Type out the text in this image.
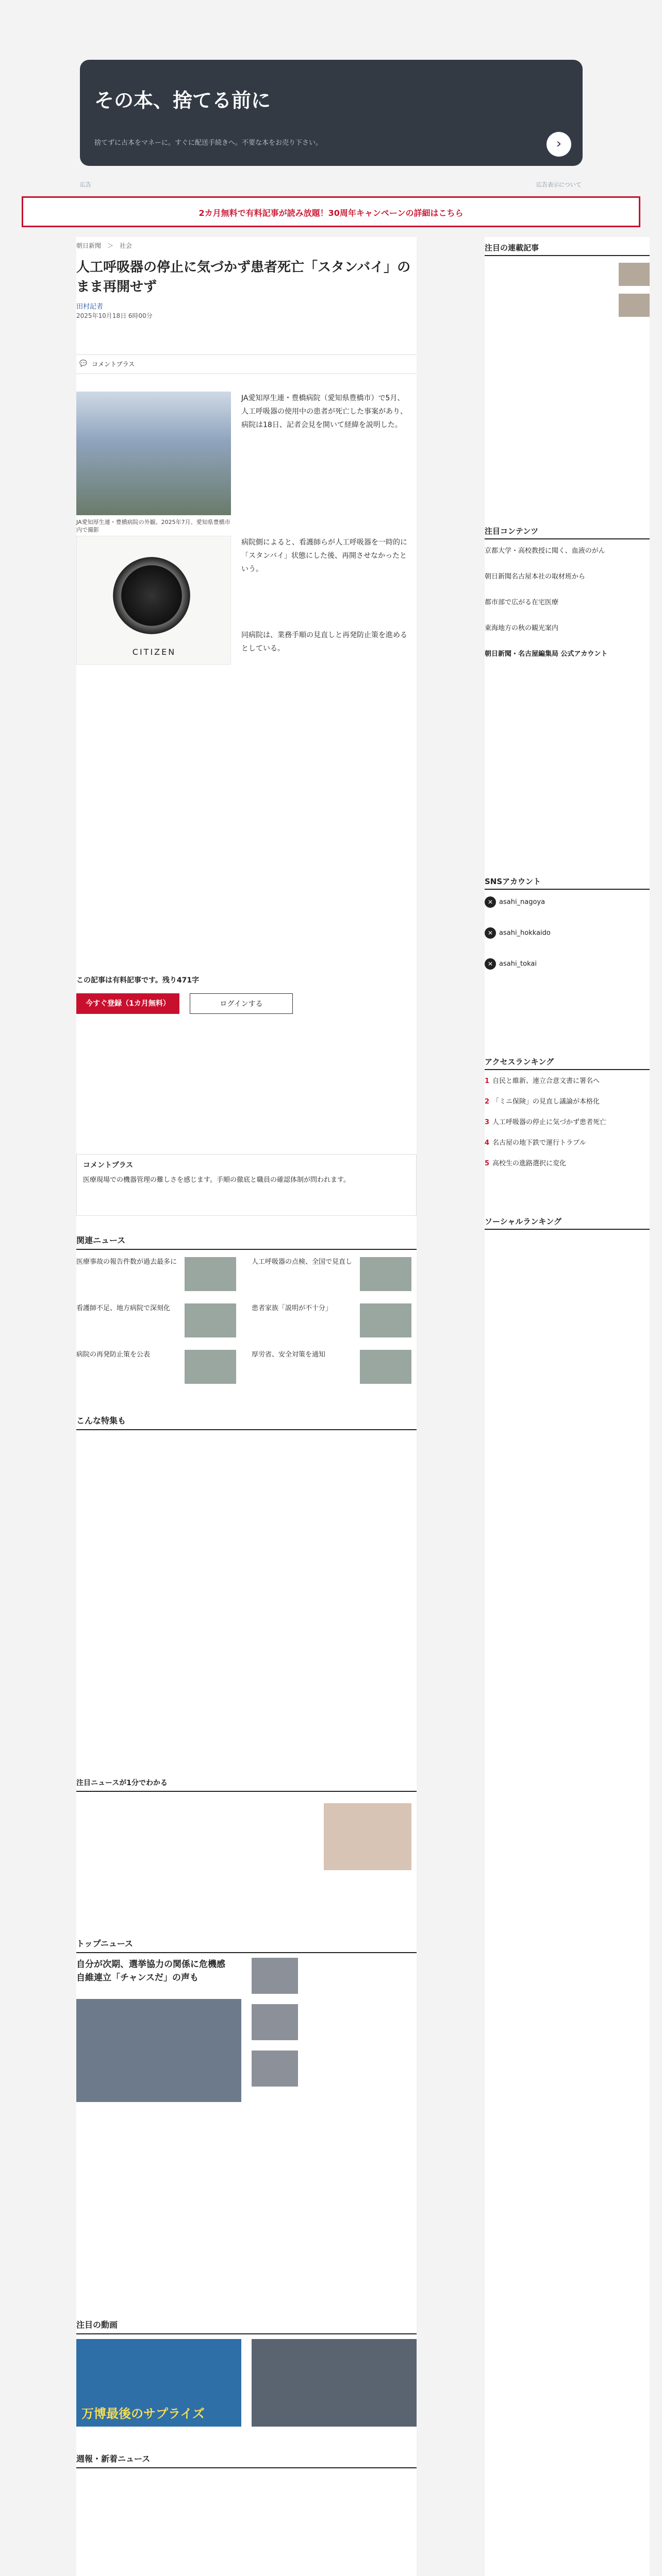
その本、捨てる前に

捨てずに古本をマネーに。すぐに配送手続きへ。不要な本をお売り下さい。	›
広告	広告表示について
2カ月無料で有料記事が読み放題！30周年キャンペーンの詳細はこちら
朝日新聞　＞　社会
人工呼吸器の停止に気づかず患者死亡「スタンバイ」のまま再開せず
田村記者
2025年10月18日 6時00分
💬 コメントプラス
JA愛知厚生連・豊橋病院の外観。2025年7月、愛知県豊橋市内で撮影
CITIZEN
JA愛知厚生連・豊橋病院（愛知県豊橋市）で5月、人工呼吸器の使用中の患者が死亡した事案があり、病院は18日、記者会見を開いて経緯を説明した。
病院側によると、看護師らが人工呼吸器を一時的に「スタンバイ」状態にした後、再開させなかったという。
同病院は、業務手順の見直しと再発防止策を進めるとしている。
この記事は有料記事です。残り471字
今すぐ登録（1カ月無料）	ログインする
コメントプラス
医療現場での機器管理の難しさを感じます。手順の徹底と職員の確認体制が問われます。
関連ニュース
医療事故の報告件数が過去最多に	人工呼吸器の点検、全国で見直し
看護師不足、地方病院で深刻化	患者家族「説明が不十分」
病院の再発防止策を公表	厚労省、安全対策を通知
こんな特集も
注目ニュースが1分でわかる
トップニュース
自分が次期、選挙協力の関係に危機感　自維連立「チャンスだ」の声も
注目の動画
万博最後のサプライズ
週報・新着ニュース
注目の連載記事
注目コンテンツ
京都大学・高校教授に聞く、血液のがん
朝日新聞名古屋本社の取材班から
都市部で広がる在宅医療
東海地方の秋の観光案内
朝日新聞・名古屋編集局 公式アカウント
SNSアカウント
✕ asahi_nagoya
✕ asahi_hokkaido
✕ asahi_tokai
アクセスランキング
1 自民と維新、連立合意文書に署名へ
2 「ミニ保険」の見直し議論が本格化
3 人工呼吸器の停止に気づかず患者死亡
4 名古屋の地下鉄で運行トラブル
5 高校生の進路選択に変化
ソーシャルランキング
